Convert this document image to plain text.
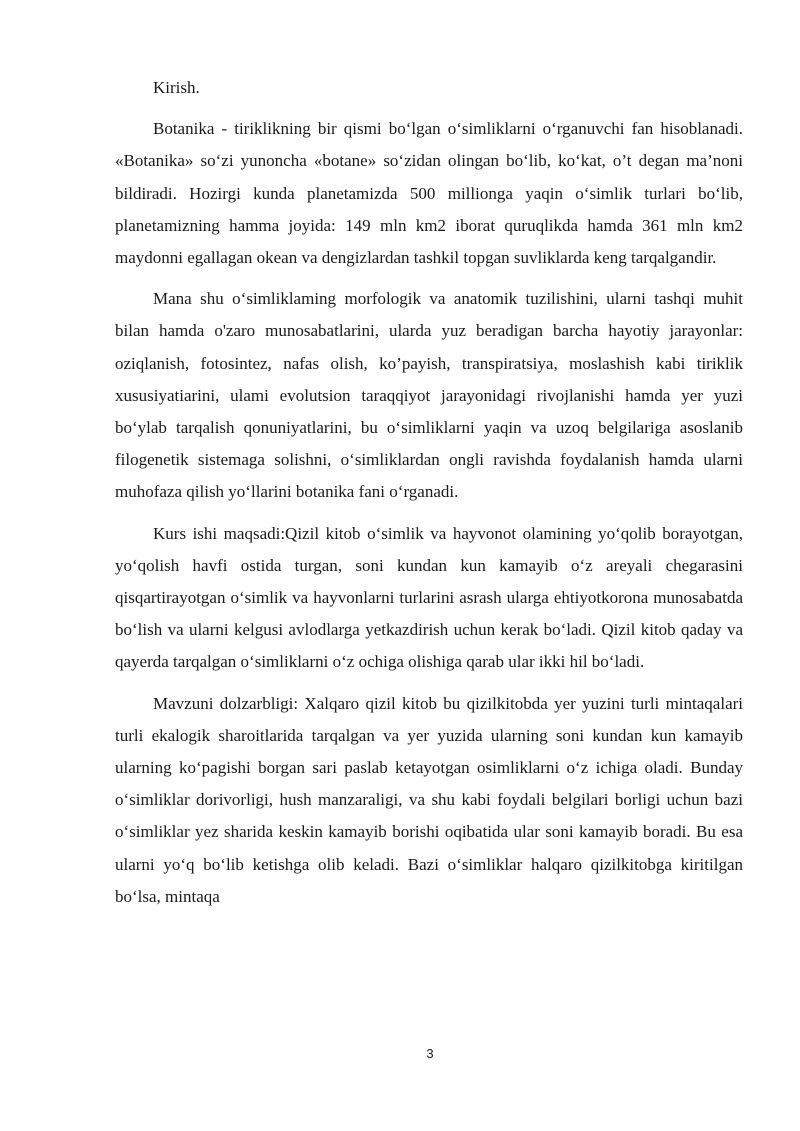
Kirish.

Botanika - tiriklikning bir qismi bo‘lgan o‘simliklarni o‘rganuvchi fan hisoblanadi. «Botanika» so‘zi yunoncha «botane» so‘zidan olingan bo‘lib, ko‘kat, o’t degan ma’noni bildiradi. Hozirgi kunda planetamizda 500 millionga yaqin o‘simlik turlari bo‘lib, planetamizning hamma joyida: 149 mln km2 iborat quruqlikda hamda 361 mln km2 maydonni egallagan okean va dengizlardan tashkil topgan suvliklarda keng tarqalgandir.

Mana shu o‘simliklaming morfologik va anatomik tuzilishini, ularni tashqi muhit bilan hamda o'zaro munosabatlarini, ularda yuz beradigan barcha hayotiy jarayonlar: oziqlanish, fotosintez, nafas olish, ko’payish, transpiratsiya, moslashish kabi tiriklik xususiyatiarini, ulami evolutsion taraqqiyot jarayonidagi rivojlanishi hamda yer yuzi bo‘ylab tarqalish qonuniyatlarini, bu o‘simliklarni yaqin va uzoq belgilariga asoslanib filogenetik sistemaga solishni, o‘simliklardan ongli ravishda foydalanish hamda ularni muhofaza qilish yo‘llarini botanika fani o‘rganadi.

Kurs ishi maqsadi:Qizil kitob o‘simlik va hayvonot olamining yo‘qolib borayotgan, yo‘qolish havfi ostida turgan, soni kundan kun kamayib o‘z areyali chegarasini qisqartirayotgan o‘simlik va hayvonlarni turlarini asrash ularga ehtiyotkorona munosabatda bo‘lish va ularni kelgusi avlodlarga yetkazdirish uchun kerak bo‘ladi. Qizil kitob qaday va qayerda tarqalgan o‘simliklarni o‘z ochiga olishiga qarab ular ikki hil bo‘ladi.

Mavzuni dolzarbligi: Xalqaro qizil kitob bu qizilkitobda yer yuzini turli mintaqalari turli ekalogik sharoitlarida tarqalgan va yer yuzida ularning soni kundan kun kamayib ularning ko‘pagishi borgan sari paslab ketayotgan osimliklarni o‘z ichiga oladi. Bunday o‘simliklar dorivorligi, hush manzaraligi, va shu kabi foydali belgilari borligi uchun bazi o‘simliklar yez sharida keskin kamayib borishi oqibatida ular soni kamayib boradi. Bu esa ularni yo‘q bo‘lib ketishga olib keladi. Bazi o‘simliklar halqaro qizilkitobga kiritilgan bo‘lsa, mintaqa

3
